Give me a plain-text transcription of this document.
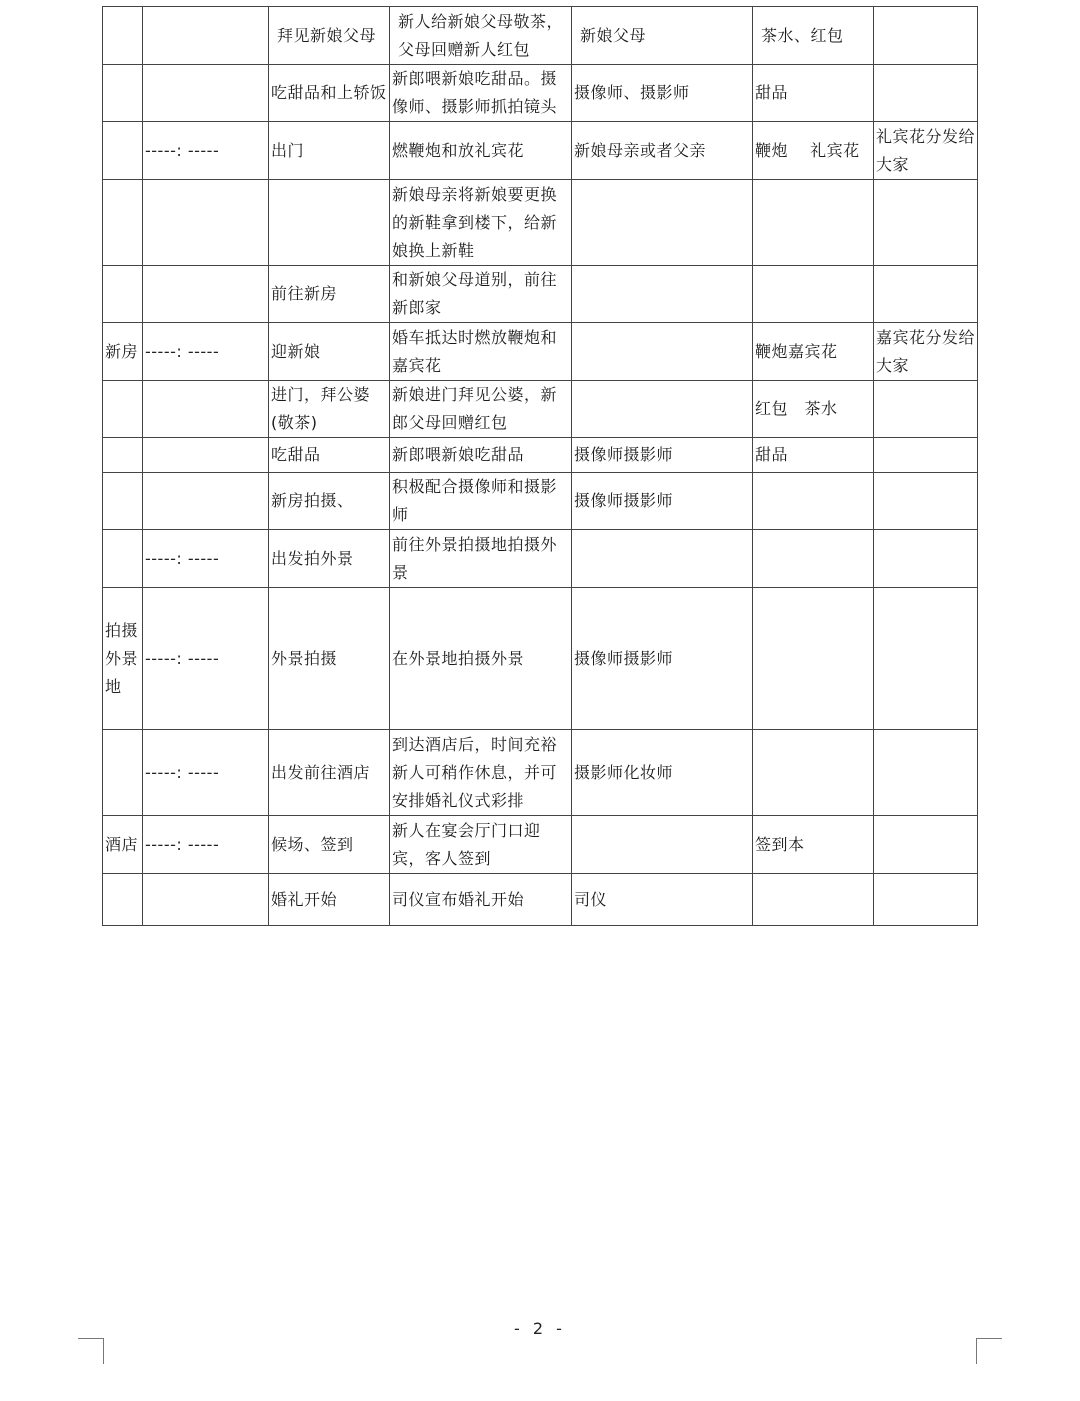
		拜见新娘父母	新人给新娘父母敬茶，父母回赠新人红包	新娘父母	茶水、红包	
		吃甜品和上轿饭	新郎喂新娘吃甜品。摄像师、摄影师抓拍镜头	摄像师、摄影师	甜品	
	-----: -----	出门	燃鞭炮和放礼宾花	新娘母亲或者父亲	鞭炮　 礼宾花	礼宾花分发给大家
			新娘母亲将新娘要更换的新鞋拿到楼下，给新娘换上新鞋			
		前往新房	和新娘父母道别，前往新郎家			
新房	-----: -----	迎新娘	婚车抵达时燃放鞭炮和嘉宾花		鞭炮嘉宾花	嘉宾花分发给大家
		进门，拜公婆(敬茶)	新娘进门拜见公婆，新郎父母回赠红包		红包　茶水	
		吃甜品	新郎喂新娘吃甜品	摄像师摄影师	甜品	
		新房拍摄、	积极配合摄像师和摄影师	摄像师摄影师		
	-----: -----	出发拍外景	前往外景拍摄地拍摄外景			
拍摄外景地	-----: -----	外景拍摄	在外景地拍摄外景	摄像师摄影师		
	-----: -----	出发前往酒店	到达酒店后，时间充裕新人可稍作休息，并可安排婚礼仪式彩排	摄影师化妆师		
酒店	-----: -----	候场、签到	新人在宴会厅门口迎宾，客人签到		签到本	
		婚礼开始	司仪宣布婚礼开始	司仪		
- 2 -
